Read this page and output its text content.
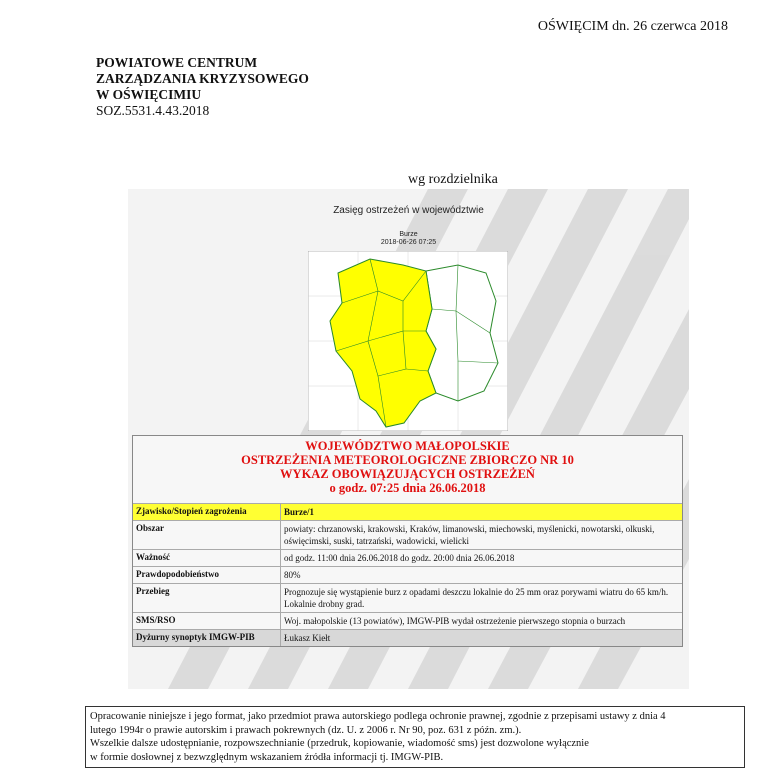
OŚWIĘCIM dn. 26 czerwca 2018
POWIATOWE CENTRUM
ZARZĄDZANIA KRYZYSOWEGO
W OŚWIĘCIMIU
SOZ.5531.4.43.2018
wg rozdzielnika
Zasięg ostrzeżeń w województwie
Burze
2018-06-26 07:25
WOJEWÓDZTWO MAŁOPOLSKIE
OSTRZEŻENIA METEOROLOGICZNE ZBIORCZO NR 10
WYKAZ OBOWIĄZUJĄCYCH OSTRZEŻEŃ
o godz. 07:25 dnia 26.06.2018
Zjawisko/Stopień zagrożenia	Burze/1
Obszar	powiaty: chrzanowski, krakowski, Kraków, limanowski, miechowski, myślenicki, nowotarski, olkuski, oświęcimski, suski, tatrzański, wadowicki, wielicki
Ważność	od godz. 11:00 dnia 26.06.2018 do godz. 20:00 dnia 26.06.2018
Prawdopodobieństwo	80%
Przebieg	Prognozuje się wystąpienie burz z opadami deszczu lokalnie do 25 mm oraz porywami wiatru do 65 km/h. Lokalnie drobny grad.
SMS/RSO	Woj. małopolskie (13 powiatów), IMGW-PIB wydał ostrzeżenie pierwszego stopnia o burzach
Dyżurny synoptyk IMGW-PIB	Łukasz Kiełt
Opracowanie niniejsze i jego format, jako przedmiot prawa autorskiego podlega ochronie prawnej, zgodnie z przepisami ustawy z dnia 4
lutego 1994r o prawie autorskim i prawach pokrewnych (dz. U. z 2006 r. Nr 90, poz. 631 z późn. zm.).
Wszelkie dalsze udostępnianie, rozpowszechnianie (przedruk, kopiowanie, wiadomość sms) jest dozwolone wyłącznie
w formie dosłownej z bezwzględnym wskazaniem źródła informacji tj. IMGW-PIB.
